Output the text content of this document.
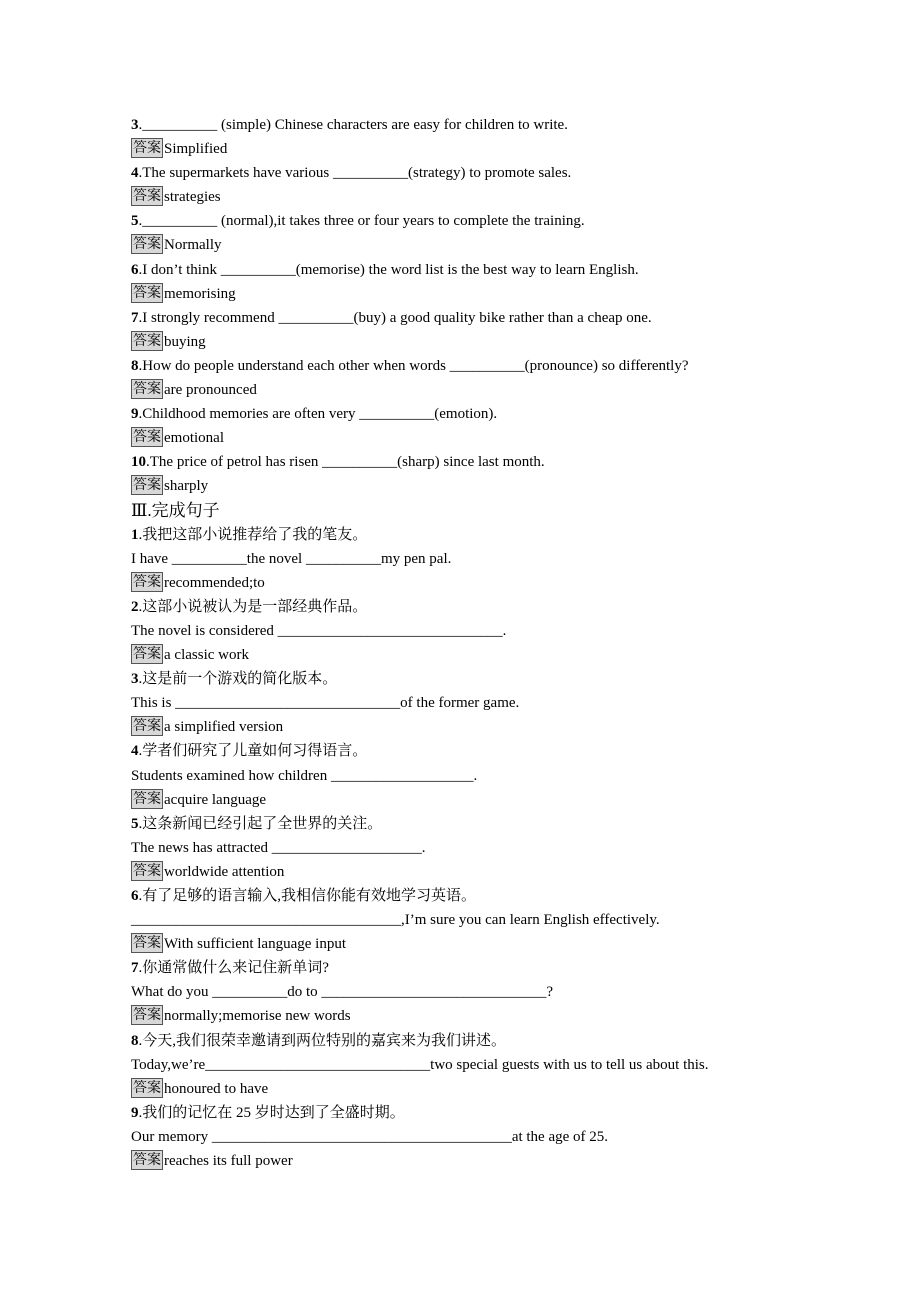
3.__________ (simple) Chinese characters are easy for children to write.
答案 Simplified
4.The supermarkets have various __________(strategy) to promote sales.
答案 strategies
5.__________ (normal),it takes three or four years to complete the training.
答案 Normally
6.I don’t think __________(memorise) the word list is the best way to learn English.
答案 memorising
7.I strongly recommend __________(buy) a good quality bike rather than a cheap one.
答案 buying
8.How do people understand each other when words __________(pronounce) so differently?
答案 are pronounced
9.Childhood memories are often very __________(emotion).
答案 emotional
10.The price of petrol has risen __________(sharp) since last month.
答案 sharply
Ⅲ.完成句子
1.我把这部小说推荐给了我的笔友。
I have __________the novel __________my pen pal.
答案 recommended;to
2.这部小说被认为是一部经典作品。
The novel is considered ______________________________.
答案 a classic work
3.这是前一个游戏的简化版本。
This is ______________________________of the former game.
答案 a simplified version
4.学者们研究了儿童如何习得语言。
Students examined how children ___________________.
答案 acquire language
5.这条新闻已经引起了全世界的关注。
The news has attracted ____________________.
答案 worldwide attention
6.有了足够的语言输入,我相信你能有效地学习英语。
____________________________________,I’m sure you can learn English effectively.
答案 With sufficient language input
7.你通常做什么来记住新单词?
What do you __________do to ______________________________?
答案 normally;memorise new words
8.今天,我们很荣幸邀请到两位特别的嘉宾来为我们讲述。
Today,we’re______________________________two special guests with us to tell us about this.
答案 honoured to have
9.我们的记忆在 25 岁时达到了全盛时期。
Our memory ________________________________________at the age of 25.
答案 reaches its full power
